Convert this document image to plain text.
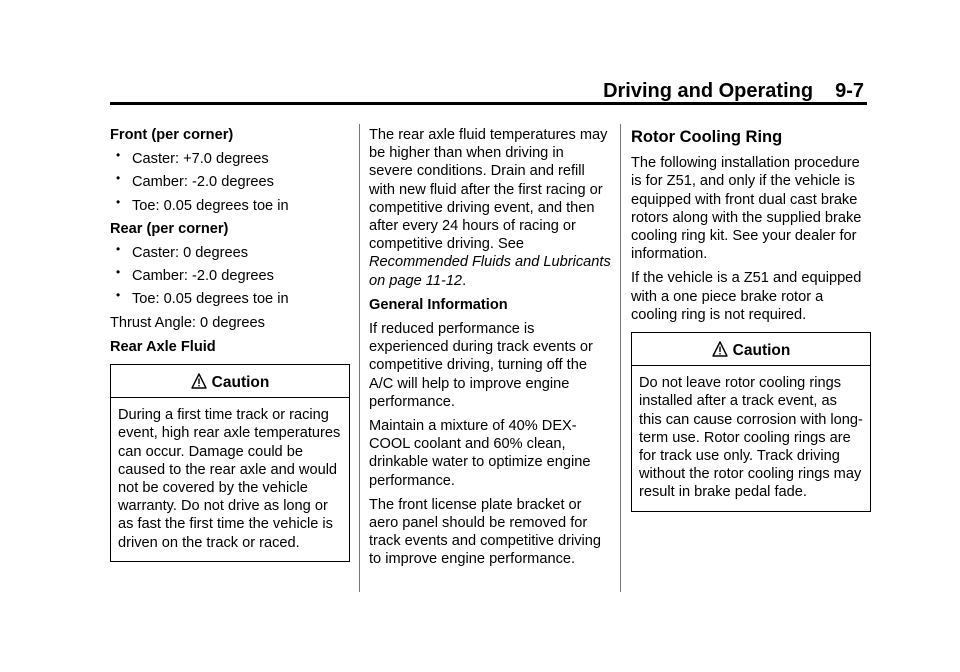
Driving and Operating 9-7

Front (per corner)

• Caster: +7.0 degrees
• Camber: -2.0 degrees
• Toe: 0.05 degrees toe in

Rear (per corner)

• Caster: 0 degrees
• Camber: -2.0 degrees
• Toe: 0.05 degrees toe in

Thrust Angle: 0 degrees

Rear Axle Fluid

Caution
During a first time track or racing event, high rear axle temperatures can occur. Damage could be caused to the rear axle and would not be covered by the vehicle warranty. Do not drive as long or as fast the first time the vehicle is driven on the track or raced.

The rear axle fluid temperatures may be higher than when driving in severe conditions. Drain and refill with new fluid after the first racing or competitive driving event, and then after every 24 hours of racing or competitive driving. See Recommended Fluids and Lubricants on page 11-12.

General Information

If reduced performance is experienced during track events or competitive driving, turning off the A/C will help to improve engine performance.

Maintain a mixture of 40% DEX-COOL coolant and 60% clean, drinkable water to optimize engine performance.

The front license plate bracket or aero panel should be removed for track events and competitive driving to improve engine performance.

Rotor Cooling Ring

The following installation procedure is for Z51, and only if the vehicle is equipped with front dual cast brake rotors along with the supplied brake cooling ring kit. See your dealer for information.

If the vehicle is a Z51 and equipped with a one piece brake rotor a cooling ring is not required.

Caution
Do not leave rotor cooling rings installed after a track event, as this can cause corrosion with long-term use. Rotor cooling rings are for track use only. Track driving without the rotor cooling rings may result in brake pedal fade.
